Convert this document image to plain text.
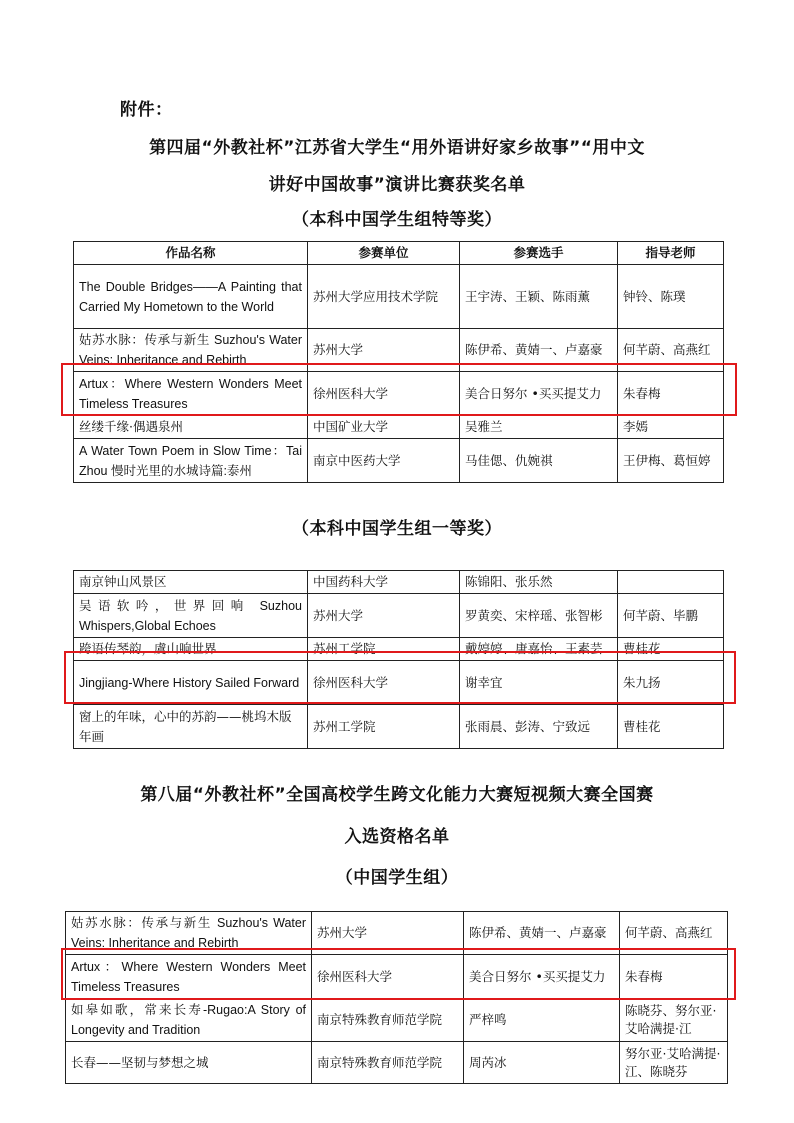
附件：
第四届“外教社杯”江苏省大学生“用外语讲好家乡故事”“用中文
讲好中国故事”演讲比赛获奖名单
（本科中国学生组特等奖）
作品名称	参赛单位	参赛选手	指导老师
The Double Bridges——A Painting that Carried My Hometown to the World	苏州大学应用技术学院	王宇涛、王颖、陈雨薰	钟铃、陈璞
姑苏水脉：传承与新生 Suzhou's Water Veins: Inheritance and Rebirth	苏州大学	陈伊希、黄婧一、卢嘉豪	何芊蔚、高燕红
Artux：Where Western Wonders Meet Timeless Treasures	徐州医科大学	美合日努尔 •买买提艾力	朱春梅
丝缕千缘·偶遇泉州	中国矿业大学	吴雅兰	李嫣
A Water Town Poem in Slow Time：Tai Zhou 慢时光里的水城诗篇:泰州	南京中医药大学	马佳偲、仇婉祺	王伊梅、葛恒婷
（本科中国学生组一等奖）
南京钟山风景区	中国药科大学	陈锦阳、张乐然	
吴语软吟，世界回响 Suzhou Whispers,Global Echoes	苏州大学	罗黄奕、宋梓瑶、张智彬	何芊蔚、毕鹏
跨语传琴韵，虞山响世界	苏州工学院	戴婷婷、唐嘉怡、王素芸	曹桂花
Jingjiang-Where History Sailed Forward	徐州医科大学	谢幸宜	朱九扬
窗上的年味，心中的苏韵——桃坞木版年画	苏州工学院	张雨晨、彭涛、宁致远	曹桂花
第八届“外教社杯”全国高校学生跨文化能力大赛短视频大赛全国赛
入选资格名单
（中国学生组）
姑苏水脉：传承与新生 Suzhou's Water Veins: Inheritance and Rebirth	苏州大学	陈伊希、黄婧一、卢嘉豪	何芊蔚、高燕红
Artux：Where Western Wonders Meet Timeless Treasures	徐州医科大学	美合日努尔 •买买提艾力	朱春梅
如皋如歌，常来长寿-Rugao:A Story of Longevity and Tradition	南京特殊教育师范学院	严梓鸣	陈晓芬、努尔亚·艾哈满提·江
长春——坚韧与梦想之城	南京特殊教育师范学院	周芮冰	努尔亚·艾哈满提·江、陈晓芬
